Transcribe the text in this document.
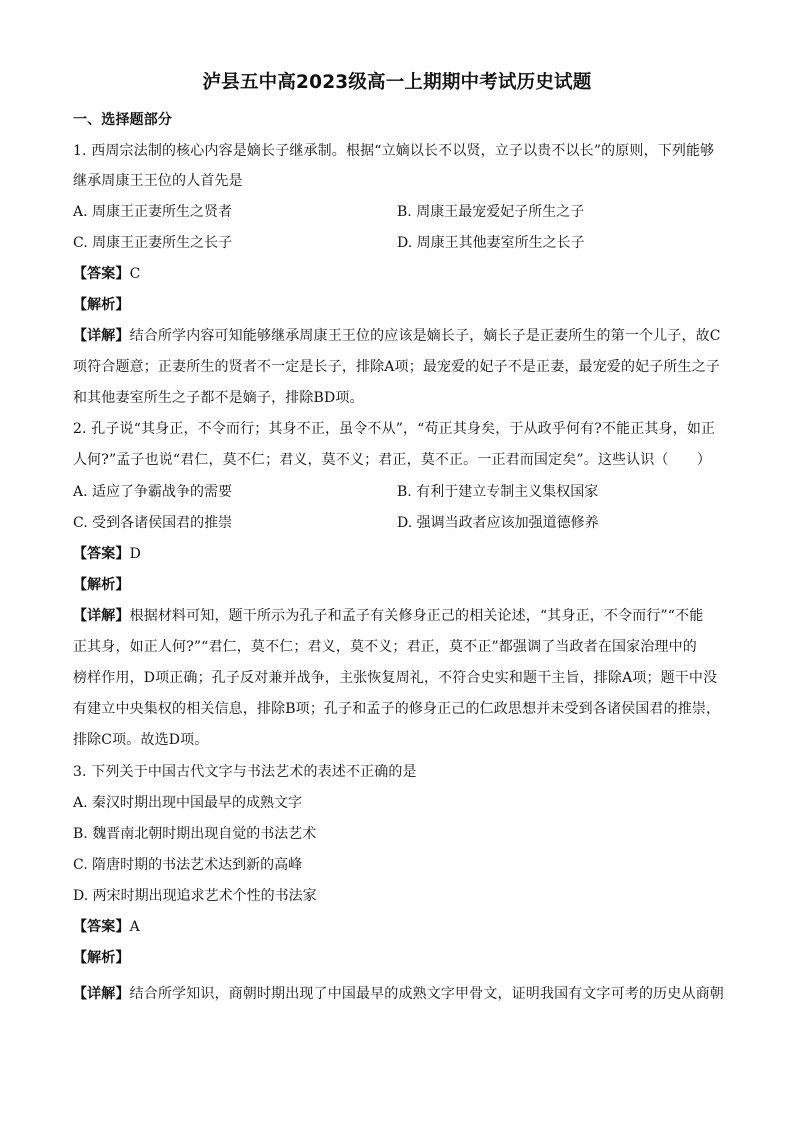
泸县五中高2023级高一上期期中考试历史试题
一、选择题部分
1. 西周宗法制的核心内容是嫡长子继承制。根据“立嫡以长不以贤，立子以贵不以长”的原则，下列能够
继承周康王王位的人首先是
A. 周康王正妻所生之贤者	B. 周康王最宠爱妃子所生之子
C. 周康王正妻所生之长子	D. 周康王其他妻室所生之长子
【答案】C
【解析】
【详解】结合所学内容可知能够继承周康王王位的应该是嫡长子，嫡长子是正妻所生的第一个儿子，故C
项符合题意；正妻所生的贤者不一定是长子，排除A项；最宠爱的妃子不是正妻，最宠爱的妃子所生之子
和其他妻室所生之子都不是嫡子，排除BD项。
2. 孔子说“其身正，不令而行；其身不正，虽令不从”，“苟正其身矣，于从政乎何有?不能正其身，如正
人何?”孟子也说“君仁，莫不仁；君义，莫不义；君正，莫不正。一正君而国定矣”。这些认识（　　）
A. 适应了争霸战争的需要	B. 有利于建立专制主义集权国家
C. 受到各诸侯国君的推崇	D. 强调当政者应该加强道德修养
【答案】D
【解析】
【详解】根据材料可知，题干所示为孔子和孟子有关修身正己的相关论述，“其身正，不令而行”“不能
正其身，如正人何?”“君仁，莫不仁；君义，莫不义；君正，莫不正”都强调了当政者在国家治理中的
榜样作用，D项正确；孔子反对兼并战争，主张恢复周礼，不符合史实和题干主旨，排除A项；题干中没
有建立中央集权的相关信息，排除B项；孔子和孟子的修身正己的仁政思想并未受到各诸侯国君的推崇，
排除C项。故选D项。
3. 下列关于中国古代文字与书法艺术的表述不正确的是
A. 秦汉时期出现中国最早的成熟文字
B. 魏晋南北朝时期出现自觉的书法艺术
C. 隋唐时期的书法艺术达到新的高峰
D. 两宋时期出现追求艺术个性的书法家
【答案】A
【解析】
【详解】结合所学知识，商朝时期出现了中国最早的成熟文字甲骨文，证明我国有文字可考的历史从商朝
